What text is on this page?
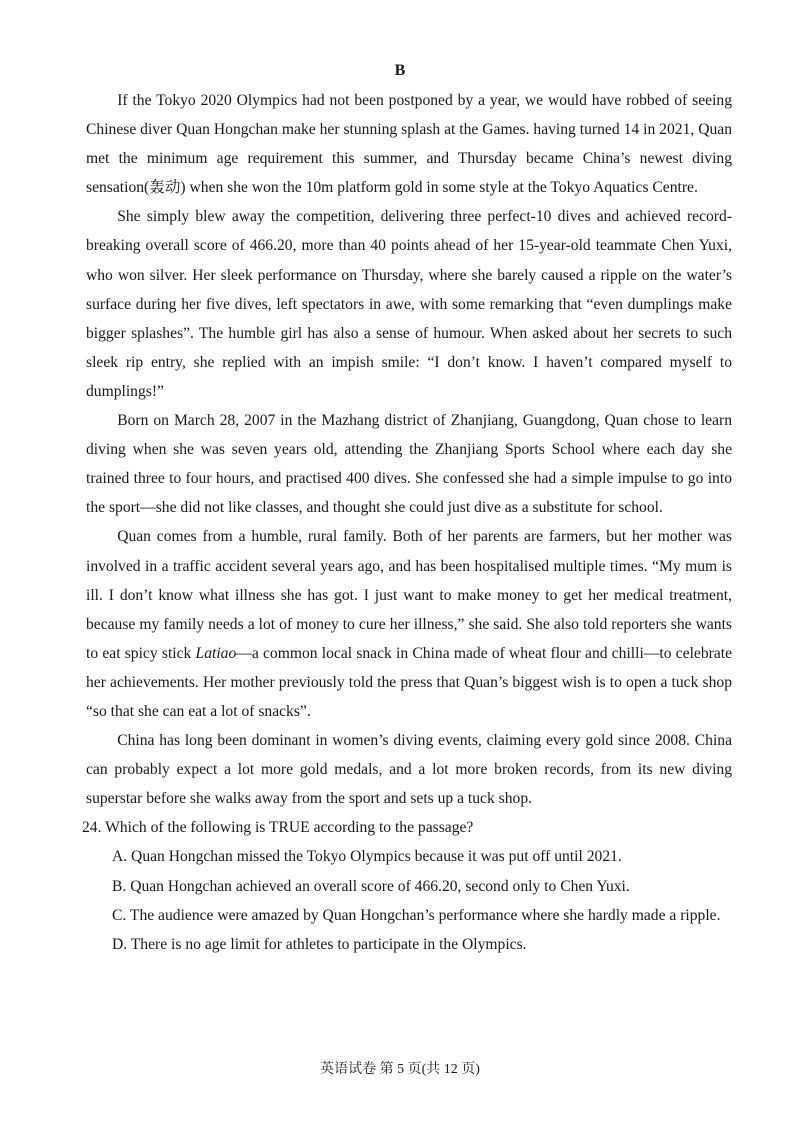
B

If the Tokyo 2020 Olympics had not been postponed by a year, we would have robbed of seeing Chinese diver Quan Hongchan make her stunning splash at the Games. having turned 14 in 2021, Quan met the minimum age requirement this summer, and Thursday became China’s newest diving sensation(轰动) when she won the 10m platform gold in some style at the Tokyo Aquatics Centre.

She simply blew away the competition, delivering three perfect-10 dives and achieved record-breaking overall score of 466.20, more than 40 points ahead of her 15-year-old teammate Chen Yuxi, who won silver. Her sleek performance on Thursday, where she barely caused a ripple on the water’s surface during her five dives, left spectators in awe, with some remarking that “even dumplings make bigger splashes”. The humble girl has also a sense of humour. When asked about her secrets to such sleek rip entry, she replied with an impish smile: “I don’t know. I haven’t compared myself to dumplings!”

Born on March 28, 2007 in the Mazhang district of Zhanjiang, Guangdong, Quan chose to learn diving when she was seven years old, attending the Zhanjiang Sports School where each day she trained three to four hours, and practised 400 dives. She confessed she had a simple impulse to go into the sport—she did not like classes, and thought she could just dive as a substitute for school.

Quan comes from a humble, rural family. Both of her parents are farmers, but her mother was involved in a traffic accident several years ago, and has been hospitalised multiple times. “My mum is ill. I don’t know what illness she has got. I just want to make money to get her medical treatment, because my family needs a lot of money to cure her illness,” she said. She also told reporters she wants to eat spicy stick Latiao—a common local snack in China made of wheat flour and chilli—to celebrate her achievements. Her mother previously told the press that Quan’s biggest wish is to open a tuck shop “so that she can eat a lot of snacks”.

China has long been dominant in women’s diving events, claiming every gold since 2008. China can probably expect a lot more gold medals, and a lot more broken records, from its new diving superstar before she walks away from the sport and sets up a tuck shop.

24. Which of the following is TRUE according to the passage?

A. Quan Hongchan missed the Tokyo Olympics because it was put off until 2021.

B. Quan Hongchan achieved an overall score of 466.20, second only to Chen Yuxi.

C. The audience were amazed by Quan Hongchan’s performance where she hardly made a ripple.

D. There is no age limit for athletes to participate in the Olympics.

英语试卷 第 5 页(共 12 页)
